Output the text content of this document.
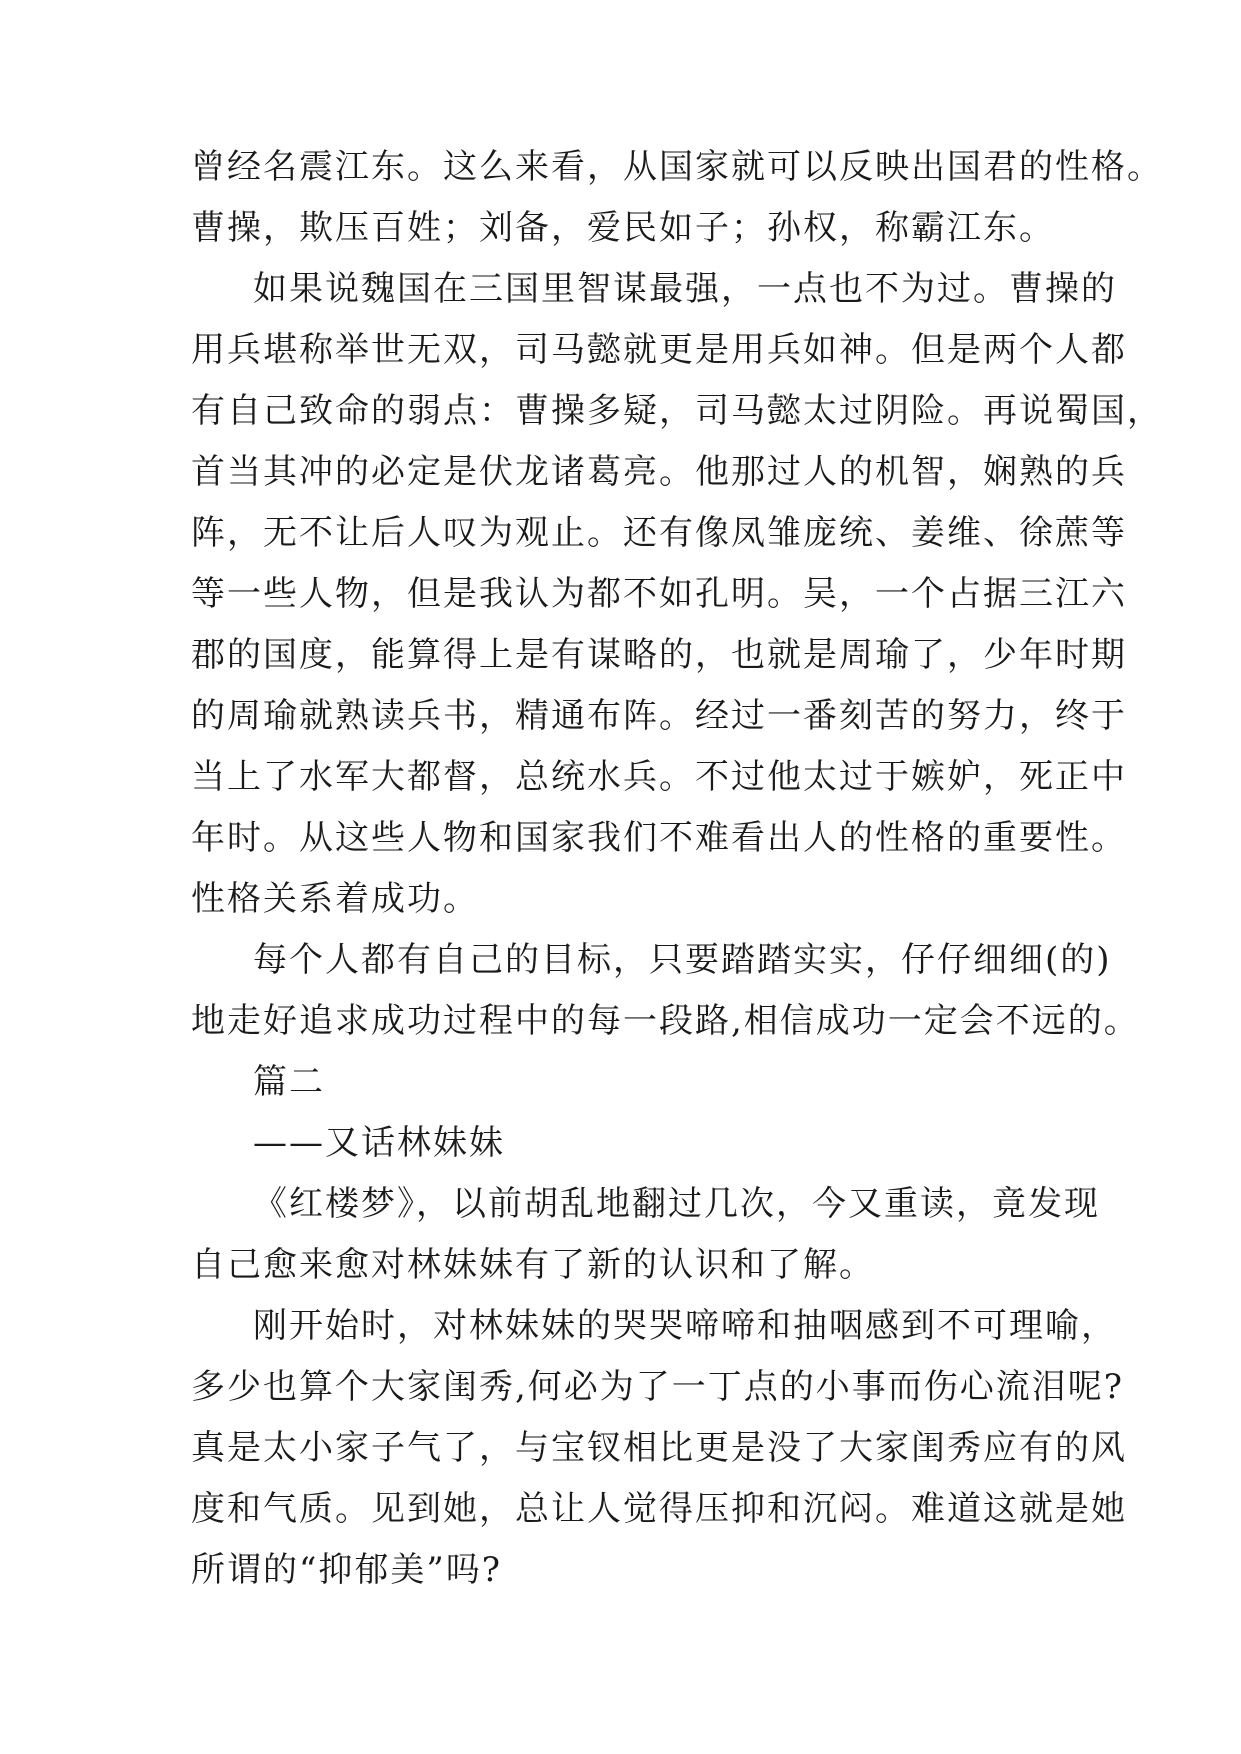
曾经名震江东。这么来看，从国家就可以反映出国君的性格。
曹操，欺压百姓；刘备，爱民如子；孙权，称霸江东。
如果说魏国在三国里智谋最强，一点也不为过。曹操的
用兵堪称举世无双，司马懿就更是用兵如神。但是两个人都
有自己致命的弱点：曹操多疑，司马懿太过阴险。再说蜀国，
首当其冲的必定是伏龙诸葛亮。他那过人的机智，娴熟的兵
阵，无不让后人叹为观止。还有像凤雏庞统、姜维、徐蔗等
等一些人物，但是我认为都不如孔明。吴，一个占据三江六
郡的国度，能算得上是有谋略的，也就是周瑜了，少年时期
的周瑜就熟读兵书，精通布阵。经过一番刻苦的努力，终于
当上了水军大都督，总统水兵。不过他太过于嫉妒，死正中
年时。从这些人物和国家我们不难看出人的性格的重要性。
性格关系着成功。
每个人都有自己的目标，只要踏踏实实，仔仔细细(的)
地走好追求成功过程中的每一段路,相信成功一定会不远的。
篇二
——又话林妹妹
《红楼梦》，以前胡乱地翻过几次，今又重读，竟发现
自己愈来愈对林妹妹有了新的认识和了解。
刚开始时，对林妹妹的哭哭啼啼和抽咽感到不可理喻，
多少也算个大家闺秀,何必为了一丁点的小事而伤心流泪呢?
真是太小家子气了，与宝钗相比更是没了大家闺秀应有的风
度和气质。见到她，总让人觉得压抑和沉闷。难道这就是她
所谓的“抑郁美”吗?
